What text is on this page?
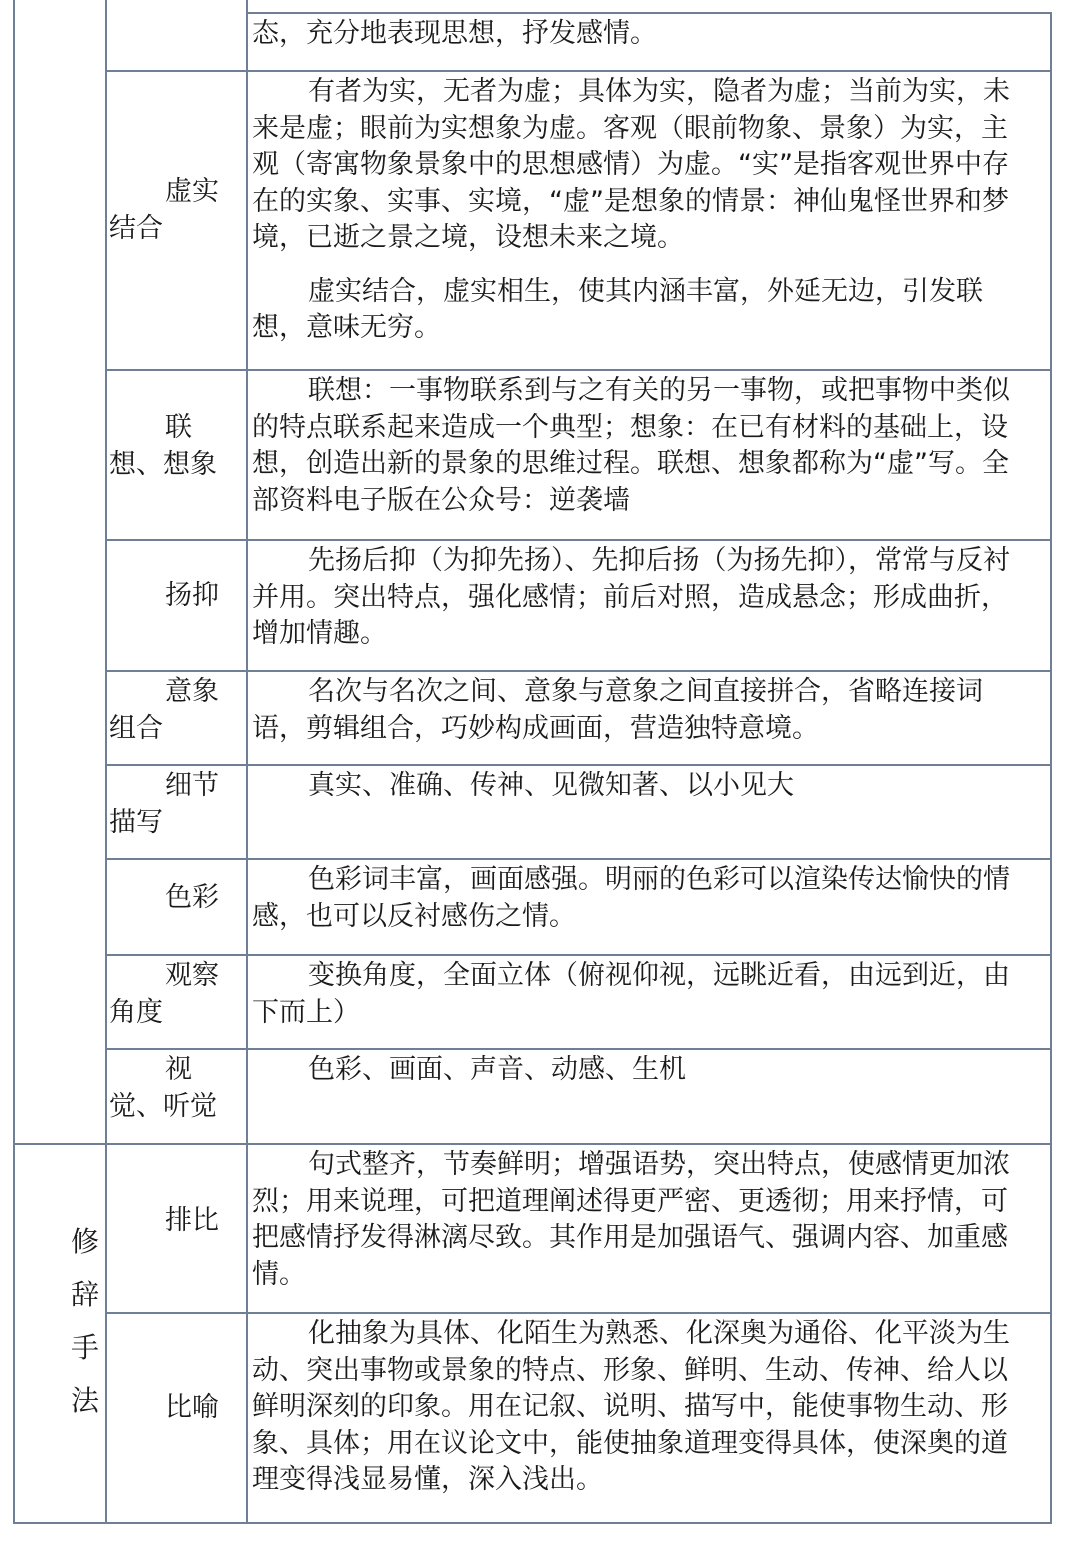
态，充分地表现思想，抒发感情。

虚实结合

有者为实，无者为虚；具体为实，隐者为虚；当前为实，未来是虚；眼前为实想象为虚。客观（眼前物象、景象）为实，主观（寄寓物象景象中的思想感情）为虚。“实”是指客观世界中存在的实象、实事、实境，“虚”是想象的情景：神仙鬼怪世界和梦境，已逝之景之境，设想未来之境。

虚实结合，虚实相生，使其内涵丰富，外延无边，引发联想，意味无穷。

联想、想象

联想：一事物联系到与之有关的另一事物，或把事物中类似的特点联系起来造成一个典型；想象：在已有材料的基础上，设想，创造出新的景象的思维过程。联想、想象都称为“虚”写。全部资料电子版在公众号：逆袭墙

扬抑

先扬后抑（为抑先扬）、先抑后扬（为扬先抑），常常与反衬并用。突出特点，强化感情；前后对照，造成悬念；形成曲折，增加情趣。

意象组合

名次与名次之间、意象与意象之间直接拼合，省略连接词语，剪辑组合，巧妙构成画面，营造独特意境。

细节描写

真实、准确、传神、见微知著、以小见大

色彩

色彩词丰富，画面感强。明丽的色彩可以渲染传达愉快的情感，也可以反衬感伤之情。

观察角度

变换角度，全面立体（俯视仰视，远眺近看，由远到近，由下而上）

视觉、听觉

色彩、画面、声音、动感、生机

修
辞
手
法

排比

句式整齐，节奏鲜明；增强语势，突出特点，使感情更加浓烈；用来说理，可把道理阐述得更严密、更透彻；用来抒情，可把感情抒发得淋漓尽致。其作用是加强语气、强调内容、加重感情。

比喻

化抽象为具体、化陌生为熟悉、化深奥为通俗、化平淡为生动、突出事物或景象的特点、形象、鲜明、生动、传神、给人以鲜明深刻的印象。用在记叙、说明、描写中，能使事物生动、形象、具体；用在议论文中，能使抽象道理变得具体，使深奥的道理变得浅显易懂，深入浅出。
